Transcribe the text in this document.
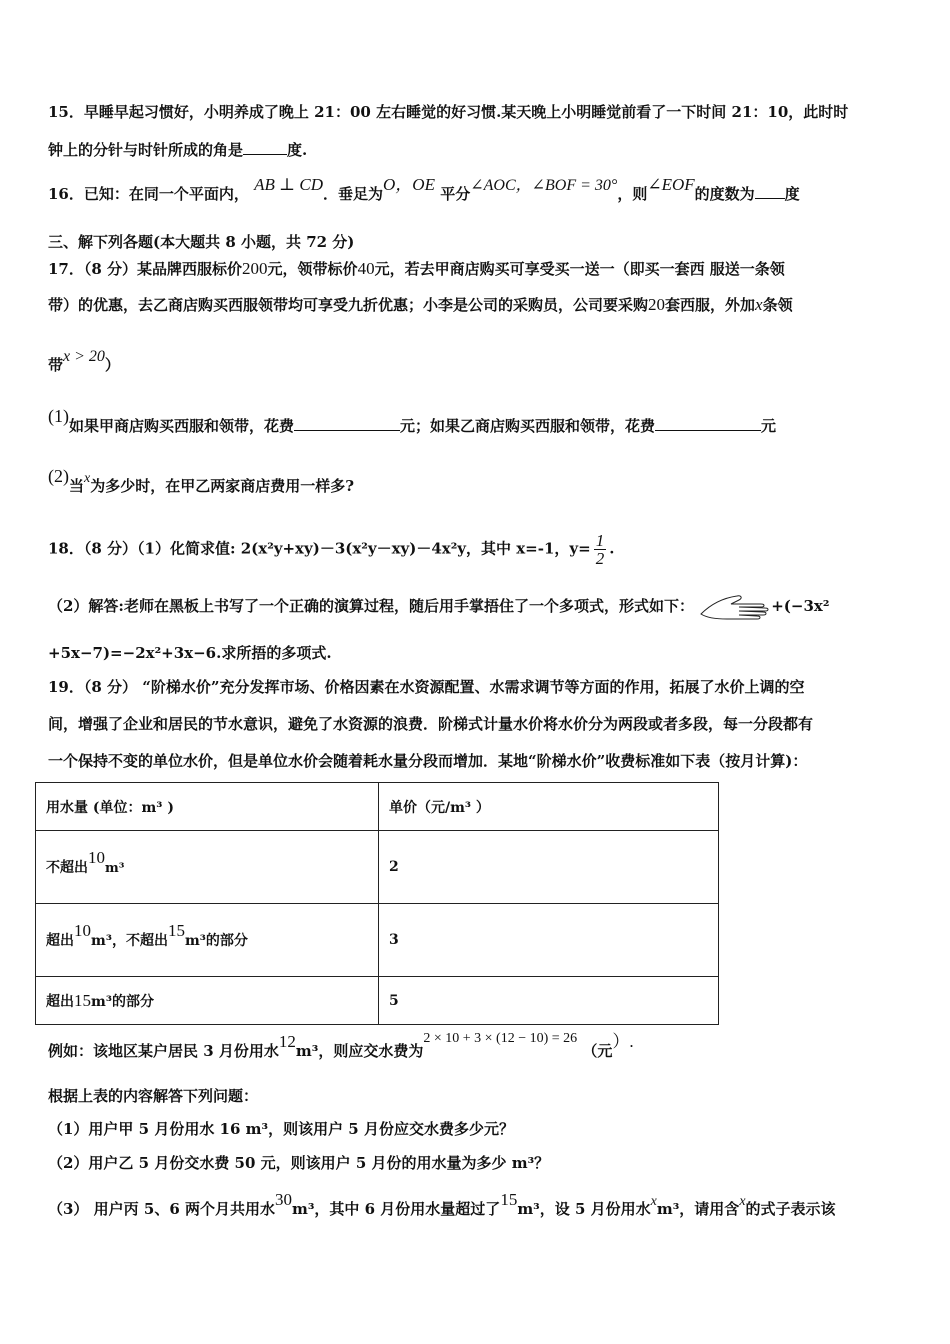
15．早睡早起习惯好，小明养成了晚上 21：00 左右睡觉的好习惯.某天晚上小明睡觉前看了一下时间 21：10，此时时
钟上的分针与时针所成的角是	度.
16．已知：在同一个平面内， AB ⊥ CD．垂足为O，OE 平分∠AOC，∠BOF = 30°，则∠EOF的度数为 度
三、解下列各题(本大题共 8 小题，共 72 分)
17．（8 分）某品牌西服标价200元，领带标价40元，若去甲商店购买可享受买一送一（即买一套西 服送一条领
带）的优惠，去乙商店购买西服领带均可享受九折优惠；小李是公司的采购员，公司要采购20套西服，外加x条领
带x > 20）
(1)如果甲商店购买西服和领带，花费	元；如果乙商店购买西服和领带，花费	元
(2)当x为多少时，在甲乙两家商店费用一样多?
18．（8 分）（1）化简求值: 2(x²y+xy)－3(x²y－xy)－4x²y，其中 x=-1，$y= \frac{1}{2}$ .
（2）解答:老师在黑板上书写了一个正确的演算过程，随后用手掌捂住了一个多项式，形式如下：	+(−3x²
+5x−7)=−2x²+3x−6.求所捂的多项式.
19．（8 分） “阶梯水价”充分发挥市场、价格因素在水资源配置、水需求调节等方面的作用，拓展了水价上调的空
间，增强了企业和居民的节水意识，避免了水资源的浪费．阶梯式计量水价将水价分为两段或者多段，每一分段都有
一个保持不变的单位水价，但是单位水价会随着耗水量分段而增加．某地“阶梯水价”收费标准如下表（按月计算)：
用水量 (单位：m³ )	单价（元/m³ ）
不超出10m³	2
超出10m³，不超出15m³的部分	3
超出15m³的部分	5
例如：该地区某户居民 3 月份用水12m³，则应交水费为2 × 10 + 3 × (12 − 10) = 26 （元）.
根据上表的内容解答下列问题：
（1）用户甲 5 月份用水 16 m³，则该用户 5 月份应交水费多少元？
（2）用户乙 5 月份交水费 50 元，则该用户 5 月份的用水量为多少 m³？
（3） 用户丙 5、6 两个月共用水30m³，其中 6 月份用水量超过了15m³，设 5 月份用水xm³，请用含x的式子表示该
